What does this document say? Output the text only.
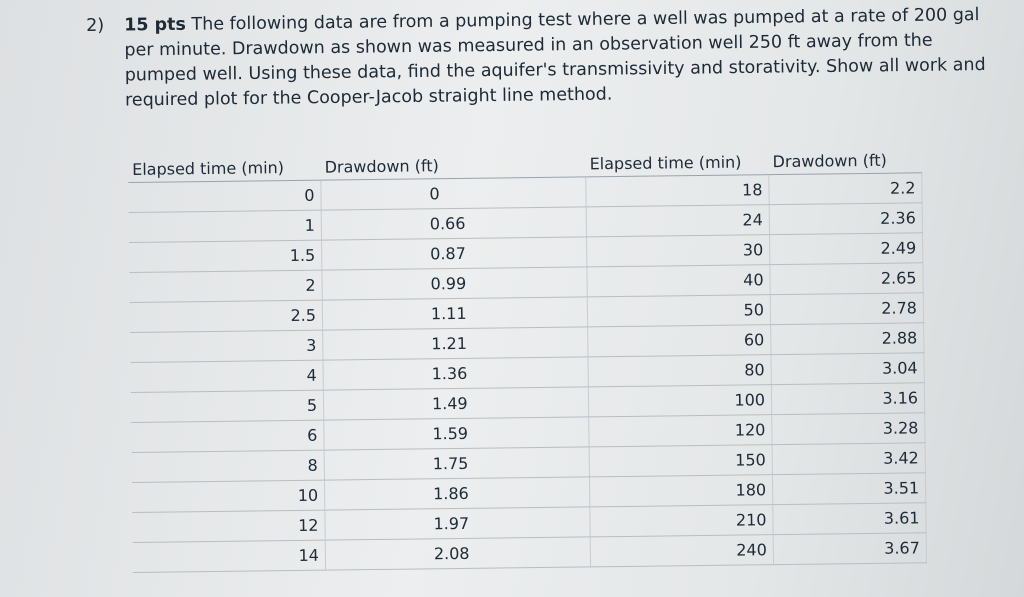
2) 15 pts The following data are from a pumping test where a well was pumped at a rate of 200 gal per minute. Drawdown as shown was measured in an observation well 250 ft away from the pumped well. Using these data, find the aquifer's transmissivity and storativity. Show all work and required plot for the Cooper-Jacob straight line method.
Elapsed time (min)	Drawdown (ft)	Elapsed time (min)	Drawdown (ft)
0	0	18	2.2
1	0.66	24	2.36
1.5	0.87	30	2.49
2	0.99	40	2.65
2.5	1.11	50	2.78
3	1.21	60	2.88
4	1.36	80	3.04
5	1.49	100	3.16
6	1.59	120	3.28
8	1.75	150	3.42
10	1.86	180	3.51
12	1.97	210	3.61
14	2.08	240	3.67
